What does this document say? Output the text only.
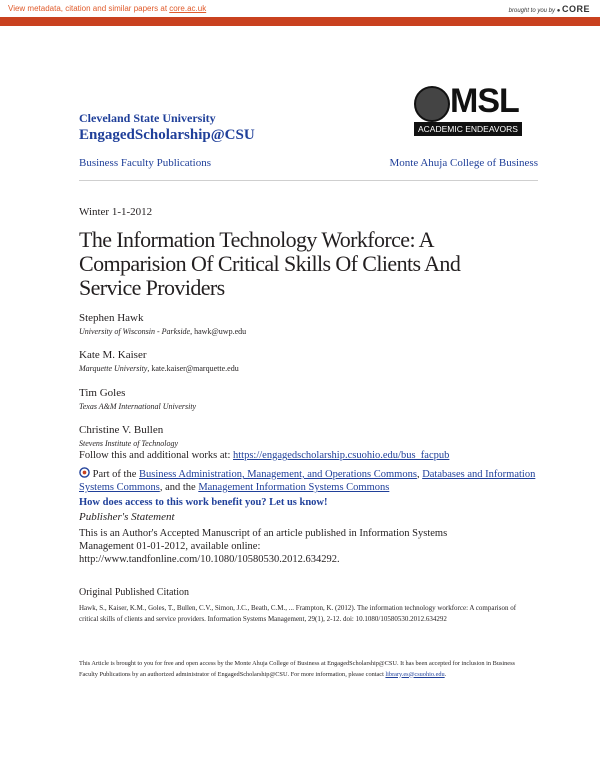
View metadata, citation and similar papers at core.ac.uk	brought to you by ● CORE
provided by Cleveland-Marshall College of Law
Cleveland State University
EngagedScholarship@CSU
MSL
ACADEMIC ENDEAVORS
Business Faculty Publications	Monte Ahuja College of Business
Winter 1-1-2012
The Information Technology Workforce: A Comparision Of Critical Skills Of Clients And Service Providers
Stephen Hawk
University of Wisconsin - Parkside, hawk@uwp.edu
Kate M. Kaiser
Marquette University, kate.kaiser@marquette.edu
Tim Goles
Texas A&M International University
Christine V. Bullen
Stevens Institute of Technology
Follow this and additional works at: https://engagedscholarship.csuohio.edu/bus_facpub
Part of the Business Administration, Management, and Operations Commons, Databases and Information Systems Commons, and the Management Information Systems Commons
How does access to this work benefit you? Let us know!
Publisher's Statement
This is an Author's Accepted Manuscript of an article published in Information Systems Management 01-01-2012, available online: http://www.tandfonline.com/10.1080/10580530.2012.634292.
Original Published Citation
Hawk, S., Kaiser, K.M., Goles, T., Bullen, C.V., Simon, J.C., Beath, C.M., ... Frampton, K. (2012). The information technology workforce: A comparison of critical skills of clients and service providers. Information Systems Management, 29(1), 2-12. doi: 10.1080/10580530.2012.634292
This Article is brought to you for free and open access by the Monte Ahuja College of Business at EngagedScholarship@CSU. It has been accepted for inclusion in Business Faculty Publications by an authorized administrator of EngagedScholarship@CSU. For more information, please contact library.es@csuohio.edu.
